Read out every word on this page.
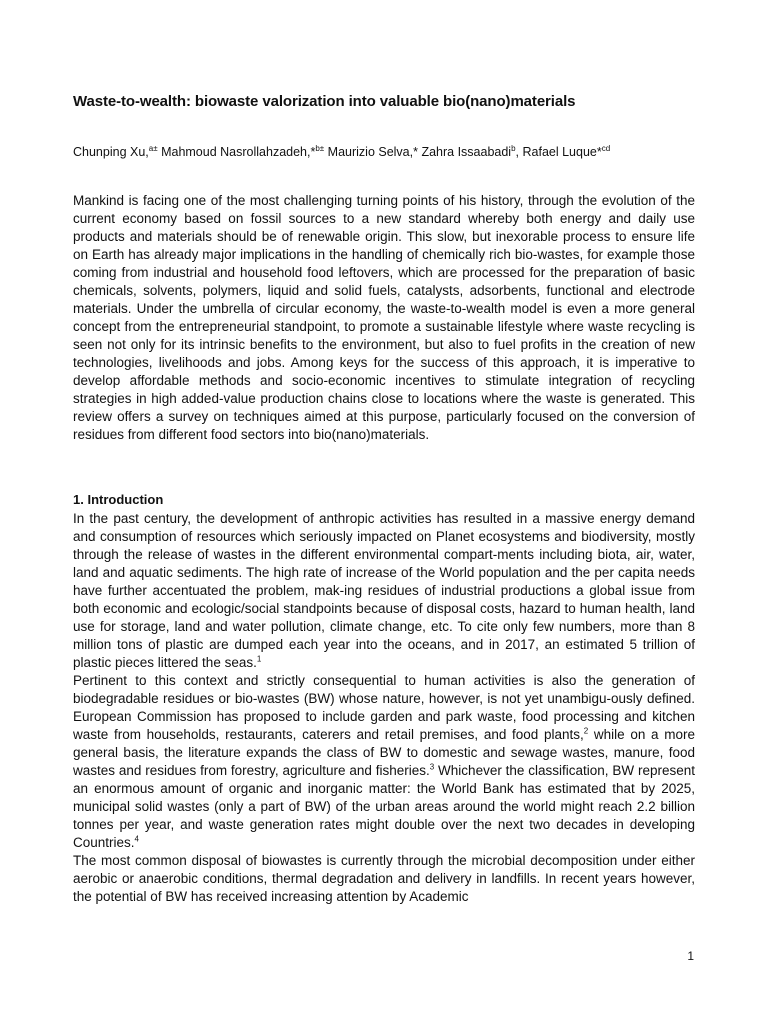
Waste-to-wealth: biowaste valorization into valuable bio(nano)materials
Chunping Xu,$^{a\pm}$ Mahmoud Nasrollahzadeh,*$^{b\pm}$ Maurizio Selva,* Zahra Issaabadi$^b$, Rafael Luque*$^{cd}$

Mankind is facing one of the most challenging turning points of his history, through the evolution of the current economy based on fossil sources to a new standard whereby both energy and daily use products and materials should be of renewable origin. This slow, but inexorable process to ensure life on Earth has already major implications in the handling of chemically rich bio-wastes, for example those coming from industrial and household food leftovers, which are processed for the preparation of basic chemicals, solvents, polymers, liquid and solid fuels, catalysts, adsorbents, functional and electrode materials. Under the umbrella of circular economy, the waste-to-wealth model is even a more general concept from the entrepreneurial standpoint, to promote a sustainable lifestyle where waste recycling is seen not only for its intrinsic benefits to the environment, but also to fuel profits in the creation of new technologies, livelihoods and jobs. Among keys for the success of this approach, it is imperative to develop affordable methods and socio-economic incentives to stimulate integration of recycling strategies in high added-value production chains close to locations where the waste is generated. This review offers a survey on techniques aimed at this purpose, particularly focused on the conversion of residues from different food sectors into bio(nano)materials.

1. Introduction

In the past century, the development of anthropic activities has resulted in a massive energy demand and consumption of resources which seriously impacted on Planet ecosystems and biodiversity, mostly through the release of wastes in the different environmental compart-ments including biota, air, water, land and aquatic sediments. The high rate of increase of the World population and the per capita needs have further accentuated the problem, mak-ing residues of industrial productions a global issue from both economic and ecologic/social standpoints because of disposal costs, hazard to human health, land use for storage, land and water pollution, climate change, etc. To cite only few numbers, more than 8 million tons of plastic are dumped each year into the oceans, and in 2017, an estimated 5 trillion of plastic pieces littered the seas.$^1$

Pertinent to this context and strictly consequential to human activities is also the generation of biodegradable residues or bio-wastes (BW) whose nature, however, is not yet unambigu-ously defined. European Commission has proposed to include garden and park waste, food processing and kitchen waste from households, restaurants, caterers and retail premises, and food plants,$^2$ while on a more general basis, the literature expands the class of BW to domestic and sewage wastes, manure, food wastes and residues from forestry, agriculture and fisheries.$^3$ Whichever the classification, BW represent an enormous amount of organic and inorganic matter: the World Bank has estimated that by 2025, municipal solid wastes (only a part of BW) of the urban areas around the world might reach 2.2 billion tonnes per year, and waste generation rates might double over the next two decades in developing Countries.$^4$

The most common disposal of biowastes is currently through the microbial decomposition under either aerobic or anaerobic conditions, thermal degradation and delivery in landfills. In recent years however, the potential of BW has received increasing attention by Academic

1
